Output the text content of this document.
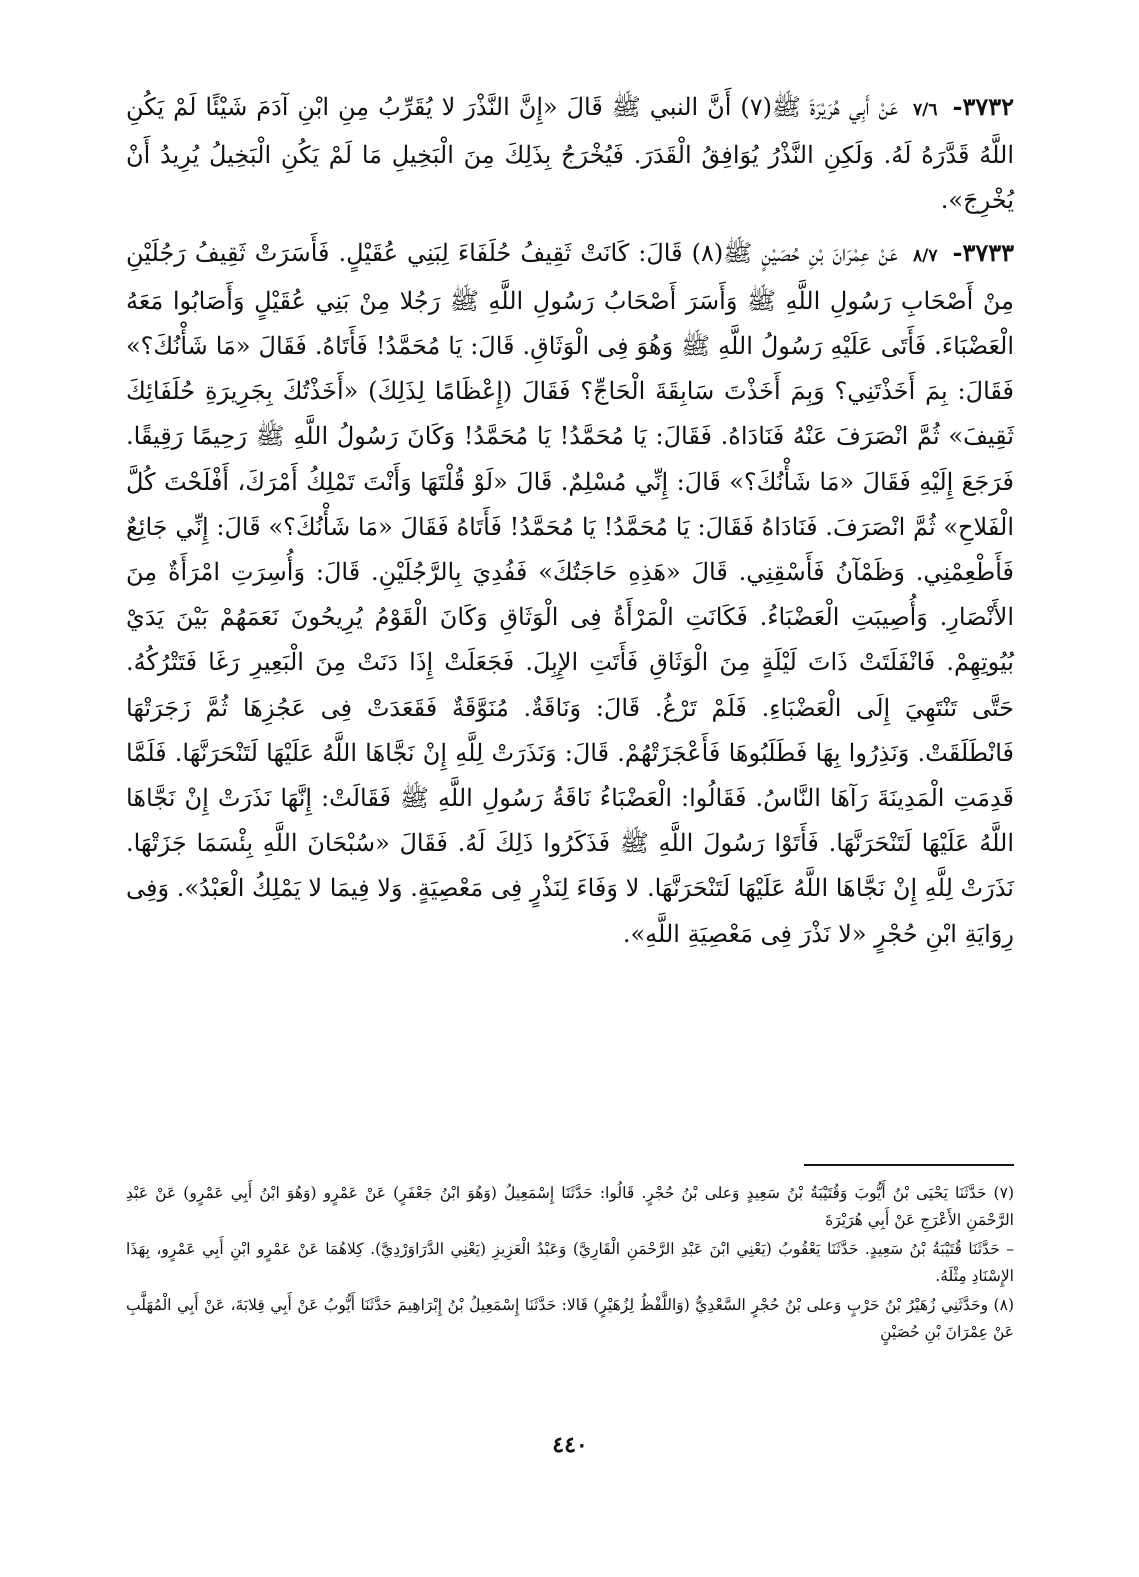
٣٧٣٢- ٧/٦ عَنْ أَبِي هُرَيْرَةَ ﷺ(٧) أَنَّ النبي ﷺ قَالَ «إِنَّ النَّذْرَ لا يُقَرِّبُ مِنِ ابْنِ آدَمَ شَيْئًا لَمْ يَكُنِ اللَّهُ قَدَّرَهُ لَهُ. وَلَكِنِ النَّذْرُ يُوَافِقُ الْقَدَرَ. فَيُخْرَجُ بِذَلِكَ مِنَ الْبَخِيلِ مَا لَمْ يَكُنِ الْبَخِيلُ يُرِيدُ أَنْ يُخْرِجَ».

٣٧٣٣- ٨/٧ عَنْ عِمْرَانَ بْنِ حُصَيْنٍ ﷺ(٨) قَالَ: كَانَتْ ثَقِيفُ حُلَفَاءَ لِبَنِي عُقَيْلٍ. فَأَسَرَتْ ثَقِيفُ رَجُلَيْنِ مِنْ أَصْحَابِ رَسُولِ اللَّهِ ﷺ وَأَسَرَ أَصْحَابُ رَسُولِ اللَّهِ ﷺ رَجُلا مِنْ بَنِي عُقَيْلٍ وَأَصَابُوا مَعَهُ الْعَضْبَاءَ. فَأَتَى عَلَيْهِ رَسُولُ اللَّهِ ﷺ وَهُوَ فِى الْوَثَاقِ. قَالَ: يَا مُحَمَّدُ! فَأَتَاهُ. فَقَالَ «مَا شَأْنُكَ؟» فَقَالَ: بِمَ أَخَذْتَنِي؟ وَبِمَ أَخَذْتَ سَابِقَةَ الْحَاجِّ؟ فَقَالَ (إِعْظَامًا لِذَلِكَ) «أَخَذْتُكَ بِجَرِيرَةِ حُلَفَائِكَ ثَقِيفَ» ثُمَّ انْصَرَفَ عَنْهُ فَنَادَاهُ. فَقَالَ: يَا مُحَمَّدُ! يَا مُحَمَّدُ! وَكَانَ رَسُولُ اللَّهِ ﷺ رَحِيمًا رَقِيقًا. فَرَجَعَ إِلَيْهِ فَقَالَ «مَا شَأْنُكَ؟» قَالَ: إِنِّي مُسْلِمٌ. قَالَ «لَوْ قُلْتَهَا وَأَنْتَ تَمْلِكُ أَمْرَكَ، أَفْلَحْتَ كُلَّ الْفَلاحِ» ثُمَّ انْصَرَفَ. فَنَادَاهُ فَقَالَ: يَا مُحَمَّدُ! يَا مُحَمَّدُ! فَأَتَاهُ فَقَالَ «مَا شَأْنُكَ؟» قَالَ: إِنِّي جَائِعٌ فَأَطْعِمْنِي. وَظَمْآنُ فَأَسْقِنِي. قَالَ «هَذِهِ حَاجَتُكَ» فَفُدِيَ بِالرَّجُلَيْنِ. قَالَ: وَأُسِرَتِ امْرَأَةٌ مِنَ الأَنْصَارِ. وَأُصِيبَتِ الْعَضْبَاءُ. فَكَانَتِ الْمَرْأَةُ فِى الْوَثَاقِ وَكَانَ الْقَوْمُ يُرِيحُونَ نَعَمَهُمْ بَيْنَ يَدَيْ بُيُوتِهِمْ. فَانْفَلَتَتْ ذَاتَ لَيْلَةٍ مِنَ الْوَثَاقِ فَأَتَتِ الإِبِلَ. فَجَعَلَتْ إِذَا دَنَتْ مِنَ الْبَعِيرِ رَغَا فَتَتْرُكُهُ. حَتَّى تَنْتَهِيَ إِلَى الْعَضْبَاءِ. فَلَمْ تَرْغُ. قَالَ: وَنَاقَةٌ. مُنَوَّقَةٌ فَقَعَدَتْ فِى عَجُزِهَا ثُمَّ زَجَرَتْهَا فَانْطَلَقَتْ. وَنَذِرُوا بِهَا فَطَلَبُوهَا فَأَعْجَزَتْهُمْ. قَالَ: وَنَذَرَتْ لِلَّهِ إِنْ نَجَّاهَا اللَّهُ عَلَيْهَا لَتَنْحَرَنَّهَا. فَلَمَّا قَدِمَتِ الْمَدِينَةَ رَآهَا النَّاسُ. فَقَالُوا: الْعَضْبَاءُ نَاقَةُ رَسُولِ اللَّهِ ﷺ فَقَالَتْ: إِنَّهَا نَذَرَتْ إِنْ نَجَّاهَا اللَّهُ عَلَيْهَا لَتَنْحَرَنَّهَا. فَأَتَوْا رَسُولَ اللَّهِ ﷺ فَذَكَرُوا ذَلِكَ لَهُ. فَقَالَ «سُبْحَانَ اللَّهِ بِئْسَمَا جَزَتْهَا. نَذَرَتْ لِلَّهِ إِنْ نَجَّاهَا اللَّهُ عَلَيْهَا لَتَنْحَرَنَّهَا. لا وَفَاءَ لِنَذْرٍ فِى مَعْصِيَةٍ. وَلا فِيمَا لا يَمْلِكُ الْعَبْدُ». وَفِى رِوَايَةِ ابْنِ حُجْرٍ «لا نَذْرَ فِى مَعْصِيَةِ اللَّهِ».

(٧) حَدَّثَنَا يَحْيَى بْنُ أَيُّوبَ وَقُتَيْبَةُ بْنُ سَعِيدٍ وَعلى بْنُ حُجْرٍ. قَالُوا: حَدَّثَنَا إِسْمَعِيلُ (وَهُوَ ابْنُ جَعْفَرٍ) عَنْ عَمْرٍو (وَهُوَ ابْنُ أَبِي عَمْرٍو) عَنْ عَبْدِ الرَّحْمَنِ الأَعْرَجِ عَنْ أَبِي هُرَيْرَةَ

– حَدَّثَنَا قُتَيْبَةُ بْنُ سَعِيدٍ. حَدَّثَنَا يَعْقُوبُ (يَعْنِي ابْنَ عَبْدِ الرَّحْمَنِ الْقَارِيَّ) وَعَبْدُ الْعَزِيزِ (يَعْنِي الدَّرَاوَرْدِيَّ). كِلاهُمَا عَنْ عَمْرٍو ابْنِ أَبِي عَمْرٍو، بِهَذَا الإِسْنَادِ مِثْلَهُ.

(٨) وحَدَّثَنِي زُهَيْرُ بْنُ حَرْبٍ وَعلى بْنُ حُجْرٍ السَّعْدِيُّ (وَاللَّفْظُ لِزُهَيْرٍ) قَالا: حَدَّثَنَا إِسْمَعِيلُ بْنُ إِبْرَاهِيمَ حَدَّثَنَا أَيُّوبُ عَنْ أَبِي قِلابَةَ، عَنْ أَبِي الْمُهَلَّبِ عَنْ عِمْرَانَ بْنِ حُصَيْنٍ

٤٤٠
